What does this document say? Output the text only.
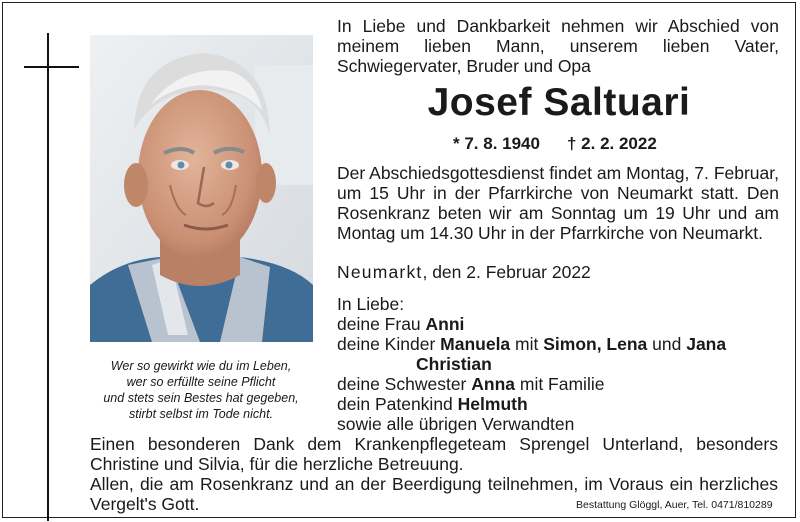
Wer so gewirkt wie du im Leben,
wer so erfüllte seine Pflicht
und stets sein Bestes hat gegeben,
stirbt selbst im Tode nicht.
In Liebe und Dankbarkeit nehmen wir Abschied von meinem lieben Mann, unserem lieben Vater, Schwiegervater, Bruder und Opa
Josef Saltuari
* 7. 8. 1940 † 2. 2. 2022
Der Abschiedsgottesdienst findet am Montag, 7. Februar, um 15 Uhr in der Pfarrkirche von Neumarkt statt. Den Rosenkranz beten wir am Sonntag um 19 Uhr und am Montag um 14.30 Uhr in der Pfarrkirche von Neumarkt.
Neumarkt, den 2. Februar 2022
In Liebe:
deine Frau Anni
deine Kinder Manuela mit Simon, Lena und Jana
Christian
deine Schwester Anna mit Familie
dein Patenkind Helmuth
sowie alle übrigen Verwandten
Einen besonderen Dank dem Krankenpflegeteam Sprengel Unterland, besonders Christine und Silvia, für die herzliche Betreuung.
Allen, die am Rosenkranz und an der Beerdigung teilnehmen, im Voraus ein herzliches Vergelt's Gott.	Bestattung Glöggl, Auer, Tel. 0471/810289
